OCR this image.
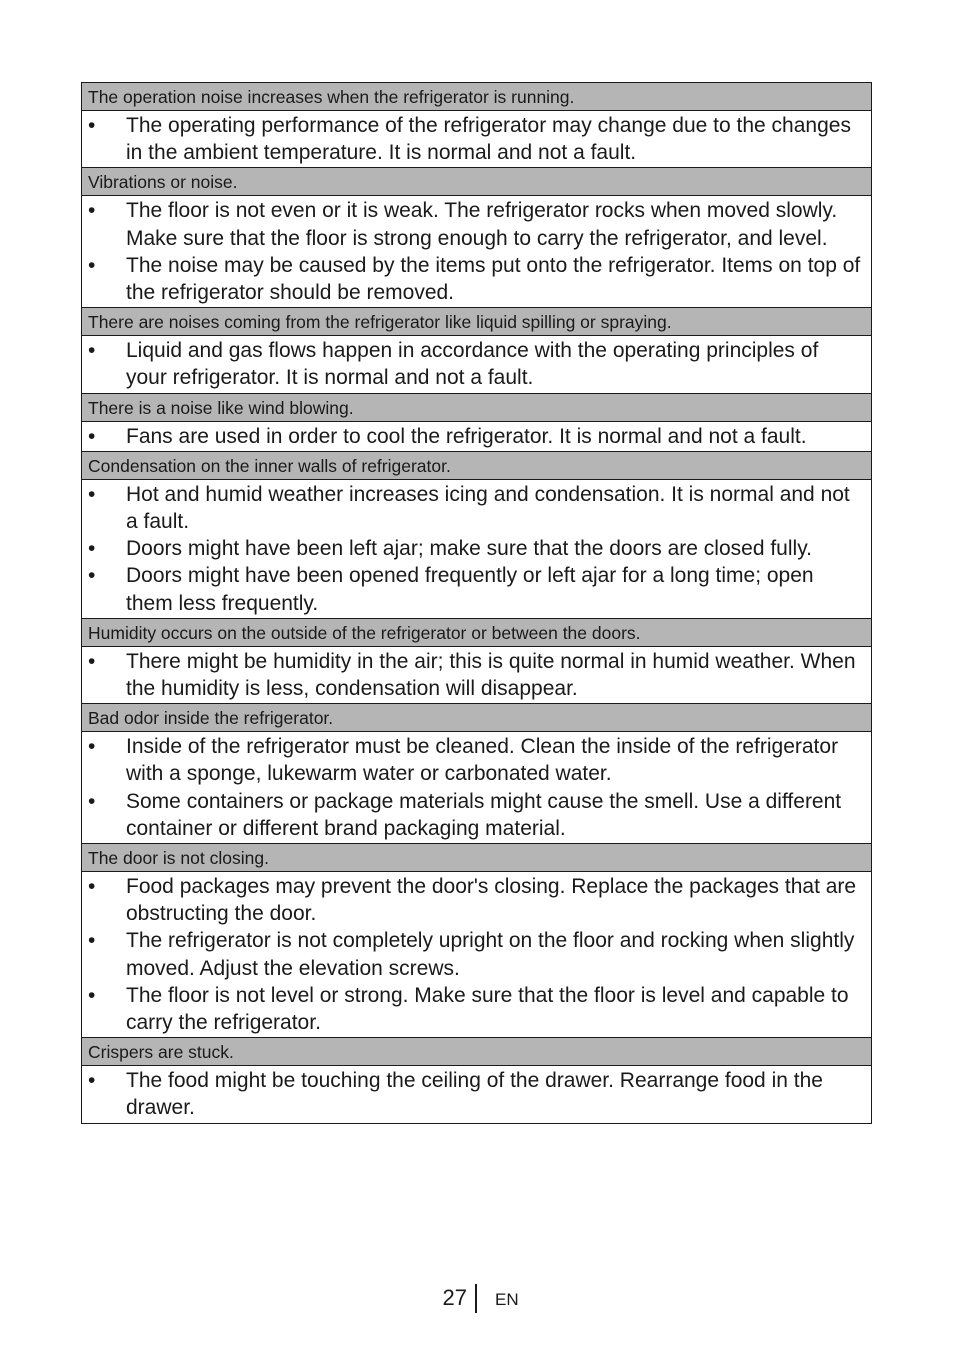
The operation noise increases when the refrigerator is running.
•	The operating performance of the refrigerator may change due to the changes in the ambient temperature. It is normal and not a fault.
Vibrations or noise.
•	The floor is not even or it is weak. The refrigerator rocks when moved slowly. Make sure that the floor is strong enough to carry the refrigerator, and level.
•	The noise may be caused by the items put onto the refrigerator. Items on top of the refrigerator should be removed.
There are noises coming from the refrigerator like liquid spilling or spraying.
•	Liquid and gas flows happen in accordance with the operating principles of your refrigerator. It is normal and not a fault.
There is a noise like wind blowing.
•	Fans are used in order to cool the refrigerator. It is normal and not a fault.
Condensation on the inner walls of refrigerator.
•	Hot and humid weather increases icing and condensation. It is normal and not a fault.
•	Doors might have been left ajar; make sure that the doors are closed fully.
•	Doors might have been opened frequently or left ajar for a long time; open them less frequently.
Humidity occurs on the outside of the refrigerator or between the doors.
•	There might be humidity in the air; this is quite normal in humid weather. When the humidity is less, condensation will disappear.
Bad odor inside the refrigerator.
•	Inside of the refrigerator must be cleaned. Clean the inside of the refrigerator with a sponge, lukewarm water or carbonated water.
•	Some containers or package materials might cause the smell. Use a different container or different brand packaging material.
The door is not closing.
•	Food packages may prevent the door's closing. Replace the packages that are obstructing the door.
•	The refrigerator is not completely upright on the floor and rocking when slightly moved. Adjust the elevation screws.
•	The floor is not level or strong. Make sure that the floor is level and capable to carry the refrigerator.
Crispers are stuck.
•	The food might be touching the ceiling of the drawer. Rearrange food in the drawer.
27 EN
